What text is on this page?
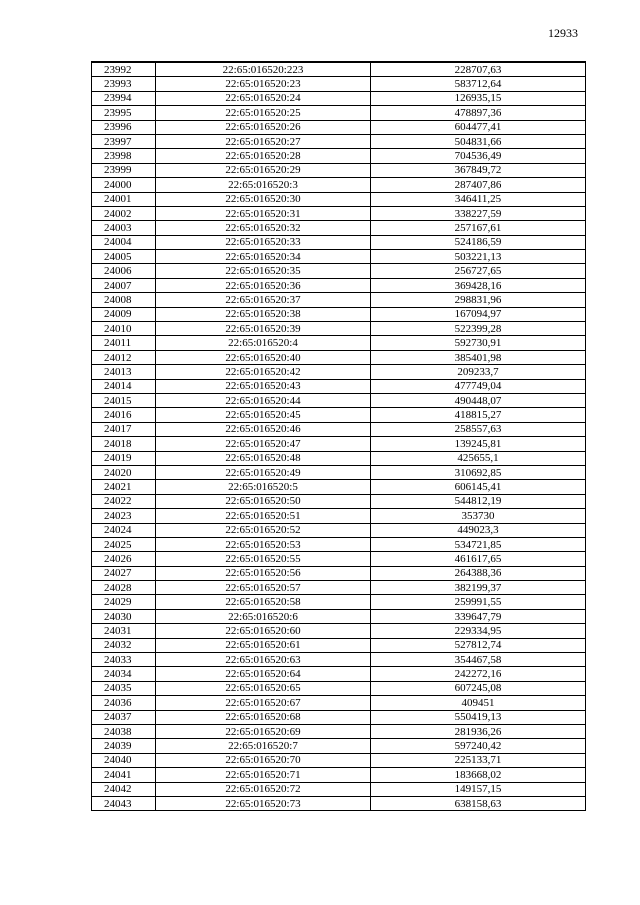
12933
23992	22:65:016520:223	228707,63
23993	22:65:016520:23	583712,64
23994	22:65:016520:24	126935,15
23995	22:65:016520:25	478897,36
23996	22:65:016520:26	604477,41
23997	22:65:016520:27	504831,66
23998	22:65:016520:28	704536,49
23999	22:65:016520:29	367849,72
24000	22:65:016520:3	287407,86
24001	22:65:016520:30	346411,25
24002	22:65:016520:31	338227,59
24003	22:65:016520:32	257167,61
24004	22:65:016520:33	524186,59
24005	22:65:016520:34	503221,13
24006	22:65:016520:35	256727,65
24007	22:65:016520:36	369428,16
24008	22:65:016520:37	298831,96
24009	22:65:016520:38	167094,97
24010	22:65:016520:39	522399,28
24011	22:65:016520:4	592730,91
24012	22:65:016520:40	385401,98
24013	22:65:016520:42	209233,7
24014	22:65:016520:43	477749,04
24015	22:65:016520:44	490448,07
24016	22:65:016520:45	418815,27
24017	22:65:016520:46	258557,63
24018	22:65:016520:47	139245,81
24019	22:65:016520:48	425655,1
24020	22:65:016520:49	310692,85
24021	22:65:016520:5	606145,41
24022	22:65:016520:50	544812,19
24023	22:65:016520:51	353730
24024	22:65:016520:52	449023,3
24025	22:65:016520:53	534721,85
24026	22:65:016520:55	461617,65
24027	22:65:016520:56	264388,36
24028	22:65:016520:57	382199,37
24029	22:65:016520:58	259991,55
24030	22:65:016520:6	339647,79
24031	22:65:016520:60	229334,95
24032	22:65:016520:61	527812,74
24033	22:65:016520:63	354467,58
24034	22:65:016520:64	242272,16
24035	22:65:016520:65	607245,08
24036	22:65:016520:67	409451
24037	22:65:016520:68	550419,13
24038	22:65:016520:69	281936,26
24039	22:65:016520:7	597240,42
24040	22:65:016520:70	225133,71
24041	22:65:016520:71	183668,02
24042	22:65:016520:72	149157,15
24043	22:65:016520:73	638158,63
